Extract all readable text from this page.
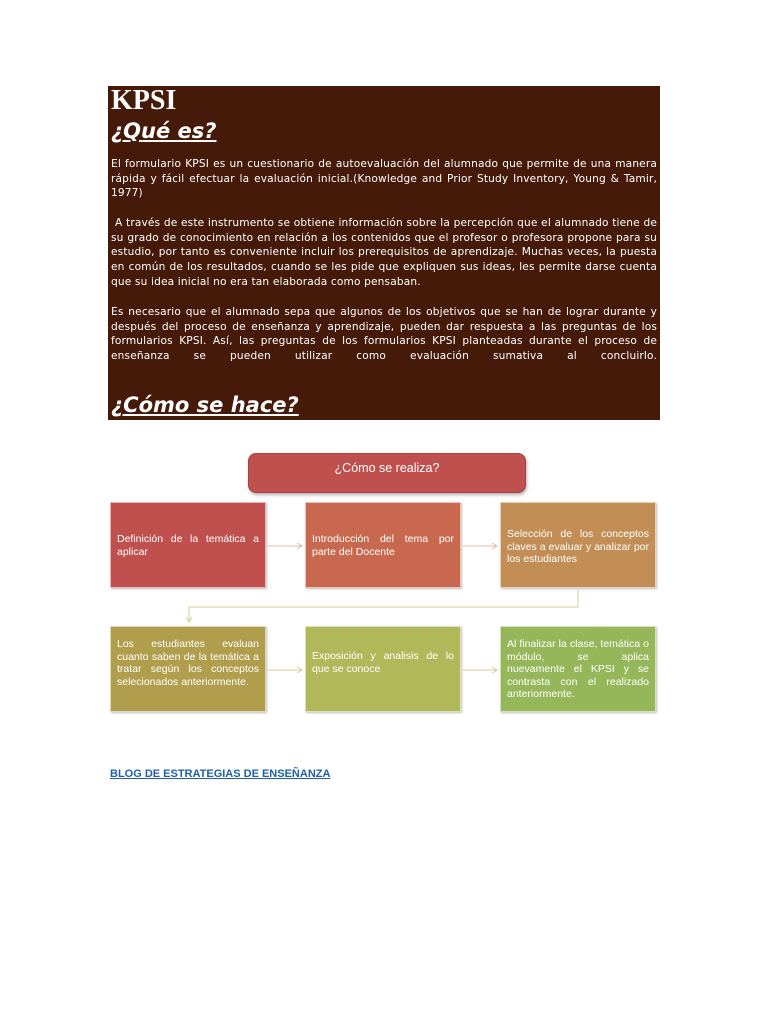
KPSI
¿Qué es?

El formulario KPSI es un cuestionario de autoevaluación del alumnado que permite de una manera rápida y fácil efectuar la evaluación inicial.(Knowledge and Prior Study Inventory, Young & Tamir, 1977)

A través de este instrumento se obtiene información sobre la percepción que el alumnado tiene de su grado de conocimiento en relación a los contenidos que el profesor o profesora propone para su estudio, por tanto es conveniente incluir los prerequisitos de aprendizaje. Muchas veces, la puesta en común de los resultados, cuando se les pide que expliquen sus ideas, les permite darse cuenta que su idea inicial no era tan elaborada como pensaban.

Es necesario que el alumnado sepa que algunos de los objetivos que se han de lograr durante y después del proceso de enseñanza y aprendizaje, pueden dar respuesta a las preguntas de los formularios KPSI. Así, las preguntas de los formularios KPSI planteadas durante el proceso de enseñanza se pueden utilizar como evaluación sumativa al concluirlo.

¿Cómo se hace?
¿Cómo se realiza?
Definición de la temática a aplicar
Introducción del tema por parte del Docente
Selección de los conceptos claves a evaluar y analizar por los estudiantes
Los estudiantes evaluan cuanto saben de la temática a tratar según los conceptos selecionados anteriormente.
Exposición y analisis de lo que se conoce
Al finalizar la clase, temática o módulo, se aplica nuevamente el KPSI y se contrasta con el realizado anteriormente.
BLOG DE ESTRATEGIAS DE ENSEÑANZA
